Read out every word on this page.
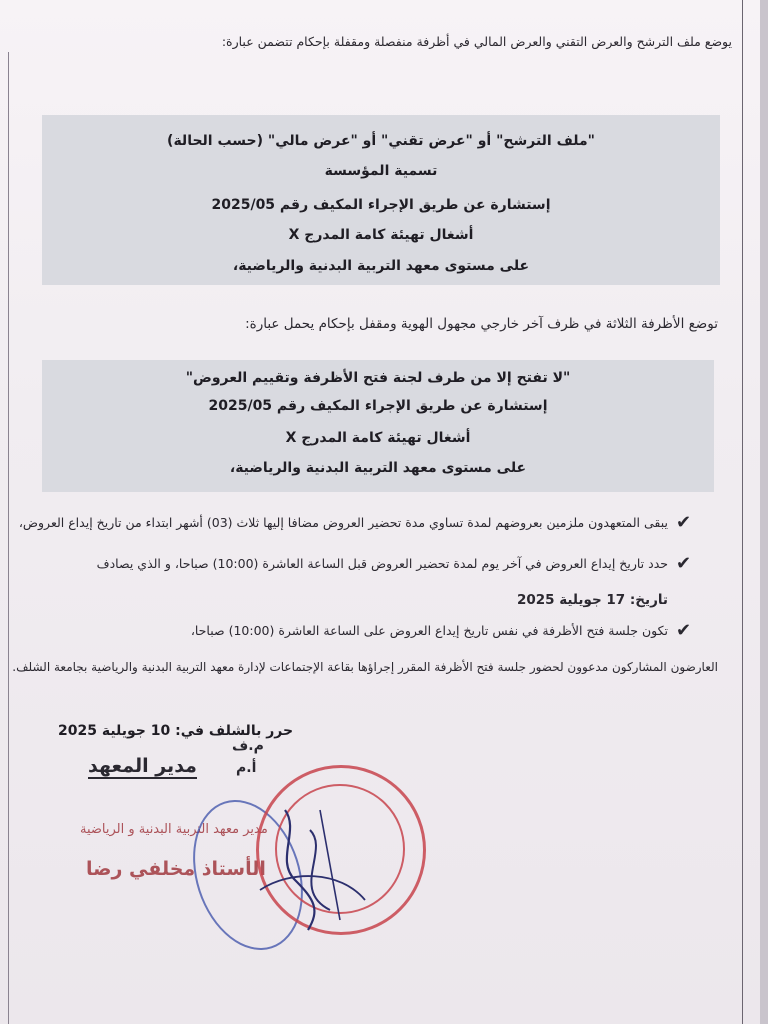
يوضع ملف الترشح والعرض التقني والعرض المالي في أظرفة منفصلة ومقفلة بإحكام تتضمن عبارة:
"ملف الترشح" أو "عرض تقني" أو "عرض مالي" (حسب الحالة)
تسمية المؤسسة
إستشارة عن طريق الإجراء المكيف رقم 2025/05
أشغال تهيئة كامة المدرج X
على مستوى معهد التربية البدنية والرياضية،
توضع الأظرفة الثلاثة في ظرف آخر خارجي مجهول الهوية ومقفل بإحكام يحمل عبارة:
"لا تفتح إلا من طرف لجنة فتح الأظرفة وتقييم العروض"
إستشارة عن طريق الإجراء المكيف رقم 2025/05
أشغال تهيئة كامة المدرج X
على مستوى معهد التربية البدنية والرياضية،
✔
يبقى المتعهدون ملزمين بعروضهم لمدة تساوي مدة تحضير العروض مضافا إليها ثلاث (03) أشهر ابتداء من تاريخ إيداع العروض،
✔
حدد تاريخ إيداع العروض في آخر يوم لمدة تحضير العروض قبل الساعة العاشرة (10:00) صباحا، و الذي يصادف
تاريخ: 17 جويلية 2025
✔
تكون جلسة فتح الأظرفة في نفس تاريخ إيداع العروض على الساعة العاشرة (10:00) صباحا،
العارضون المشاركون مدعوون لحضور جلسة فتح الأظرفة المقرر إجراؤها بقاعة الإجتماعات لإدارة معهد التربية البدنية والرياضية بجامعة الشلف.
حرر بالشلف في: 10 جويلية 2025
مدير المعهد
م.ف
أ.م
مدير معهد التربية البدنية و الرياضية
الأستاذ مخلفي رضا
